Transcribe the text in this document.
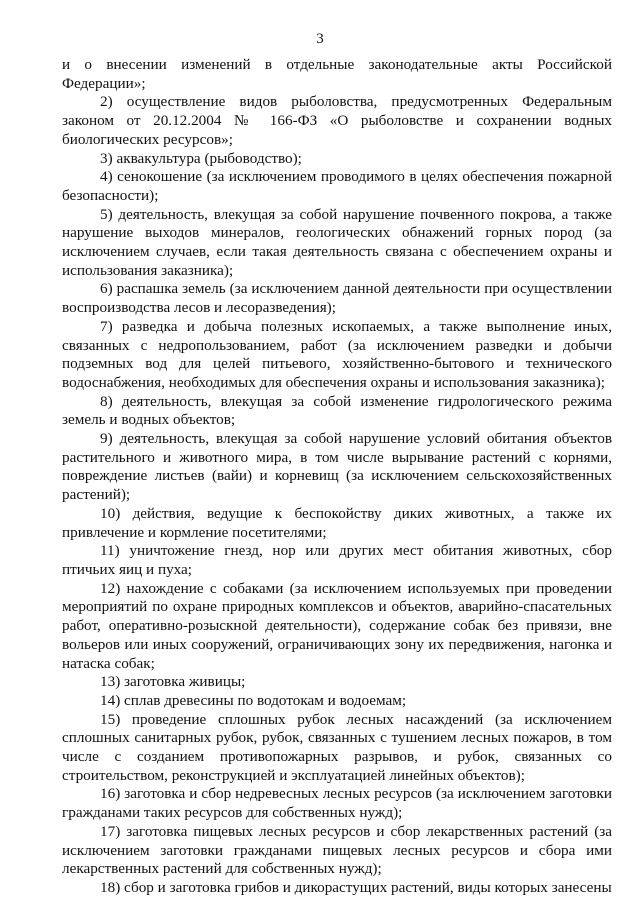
3

и о внесении изменений в отдельные законодательные акты Российской Федерации»;

2) осуществление видов рыболовства, предусмотренных Федеральным законом от 20.12.2004 № 166-ФЗ «О рыболовстве и сохранении водных биологических ресурсов»;

3) аквакультура (рыбоводство);

4) сенокошение (за исключением проводимого в целях обеспечения пожарной безопасности);

5) деятельность, влекущая за собой нарушение почвенного покрова, а также нарушение выходов минералов, геологических обнажений горных пород (за исключением случаев, если такая деятельность связана с обеспечением охраны и использования заказника);

6) распашка земель (за исключением данной деятельности при осуществлении воспроизводства лесов и лесоразведения);

7) разведка и добыча полезных ископаемых, а также выполнение иных, связанных с недропользованием, работ (за исключением разведки и добычи подземных вод для целей питьевого, хозяйственно-бытового и технического водоснабжения, необходимых для обеспечения охраны и использования заказника);

8) деятельность, влекущая за собой изменение гидрологического режима земель и водных объектов;

9) деятельность, влекущая за собой нарушение условий обитания объектов растительного и животного мира, в том числе вырывание растений с корнями, повреждение листьев (вайи) и корневищ (за исключением сельскохозяйственных растений);

10) действия, ведущие к беспокойству диких животных, а также их привлечение и кормление посетителями;

11) уничтожение гнезд, нор или других мест обитания животных, сбор птичьих яиц и пуха;

12) нахождение с собаками (за исключением используемых при проведении мероприятий по охране природных комплексов и объектов, аварийно-спасательных работ, оперативно-розыскной деятельности), содержание собак без привязи, вне вольеров или иных сооружений, ограничивающих зону их передвижения, нагонка и натаска собак;

13) заготовка живицы;

14) сплав древесины по водотокам и водоемам;

15) проведение сплошных рубок лесных насаждений (за исключением сплошных санитарных рубок, рубок, связанных с тушением лесных пожаров, в том числе с созданием противопожарных разрывов, и рубок, связанных со строительством, реконструкцией и эксплуатацией линейных объектов);

16) заготовка и сбор недревесных лесных ресурсов (за исключением заготовки гражданами таких ресурсов для собственных нужд);

17) заготовка пищевых лесных ресурсов и сбор лекарственных растений (за исключением заготовки гражданами пищевых лесных ресурсов и сбора ими лекарственных растений для собственных нужд);

18) сбор и заготовка грибов и дикорастущих растений, виды которых занесены
